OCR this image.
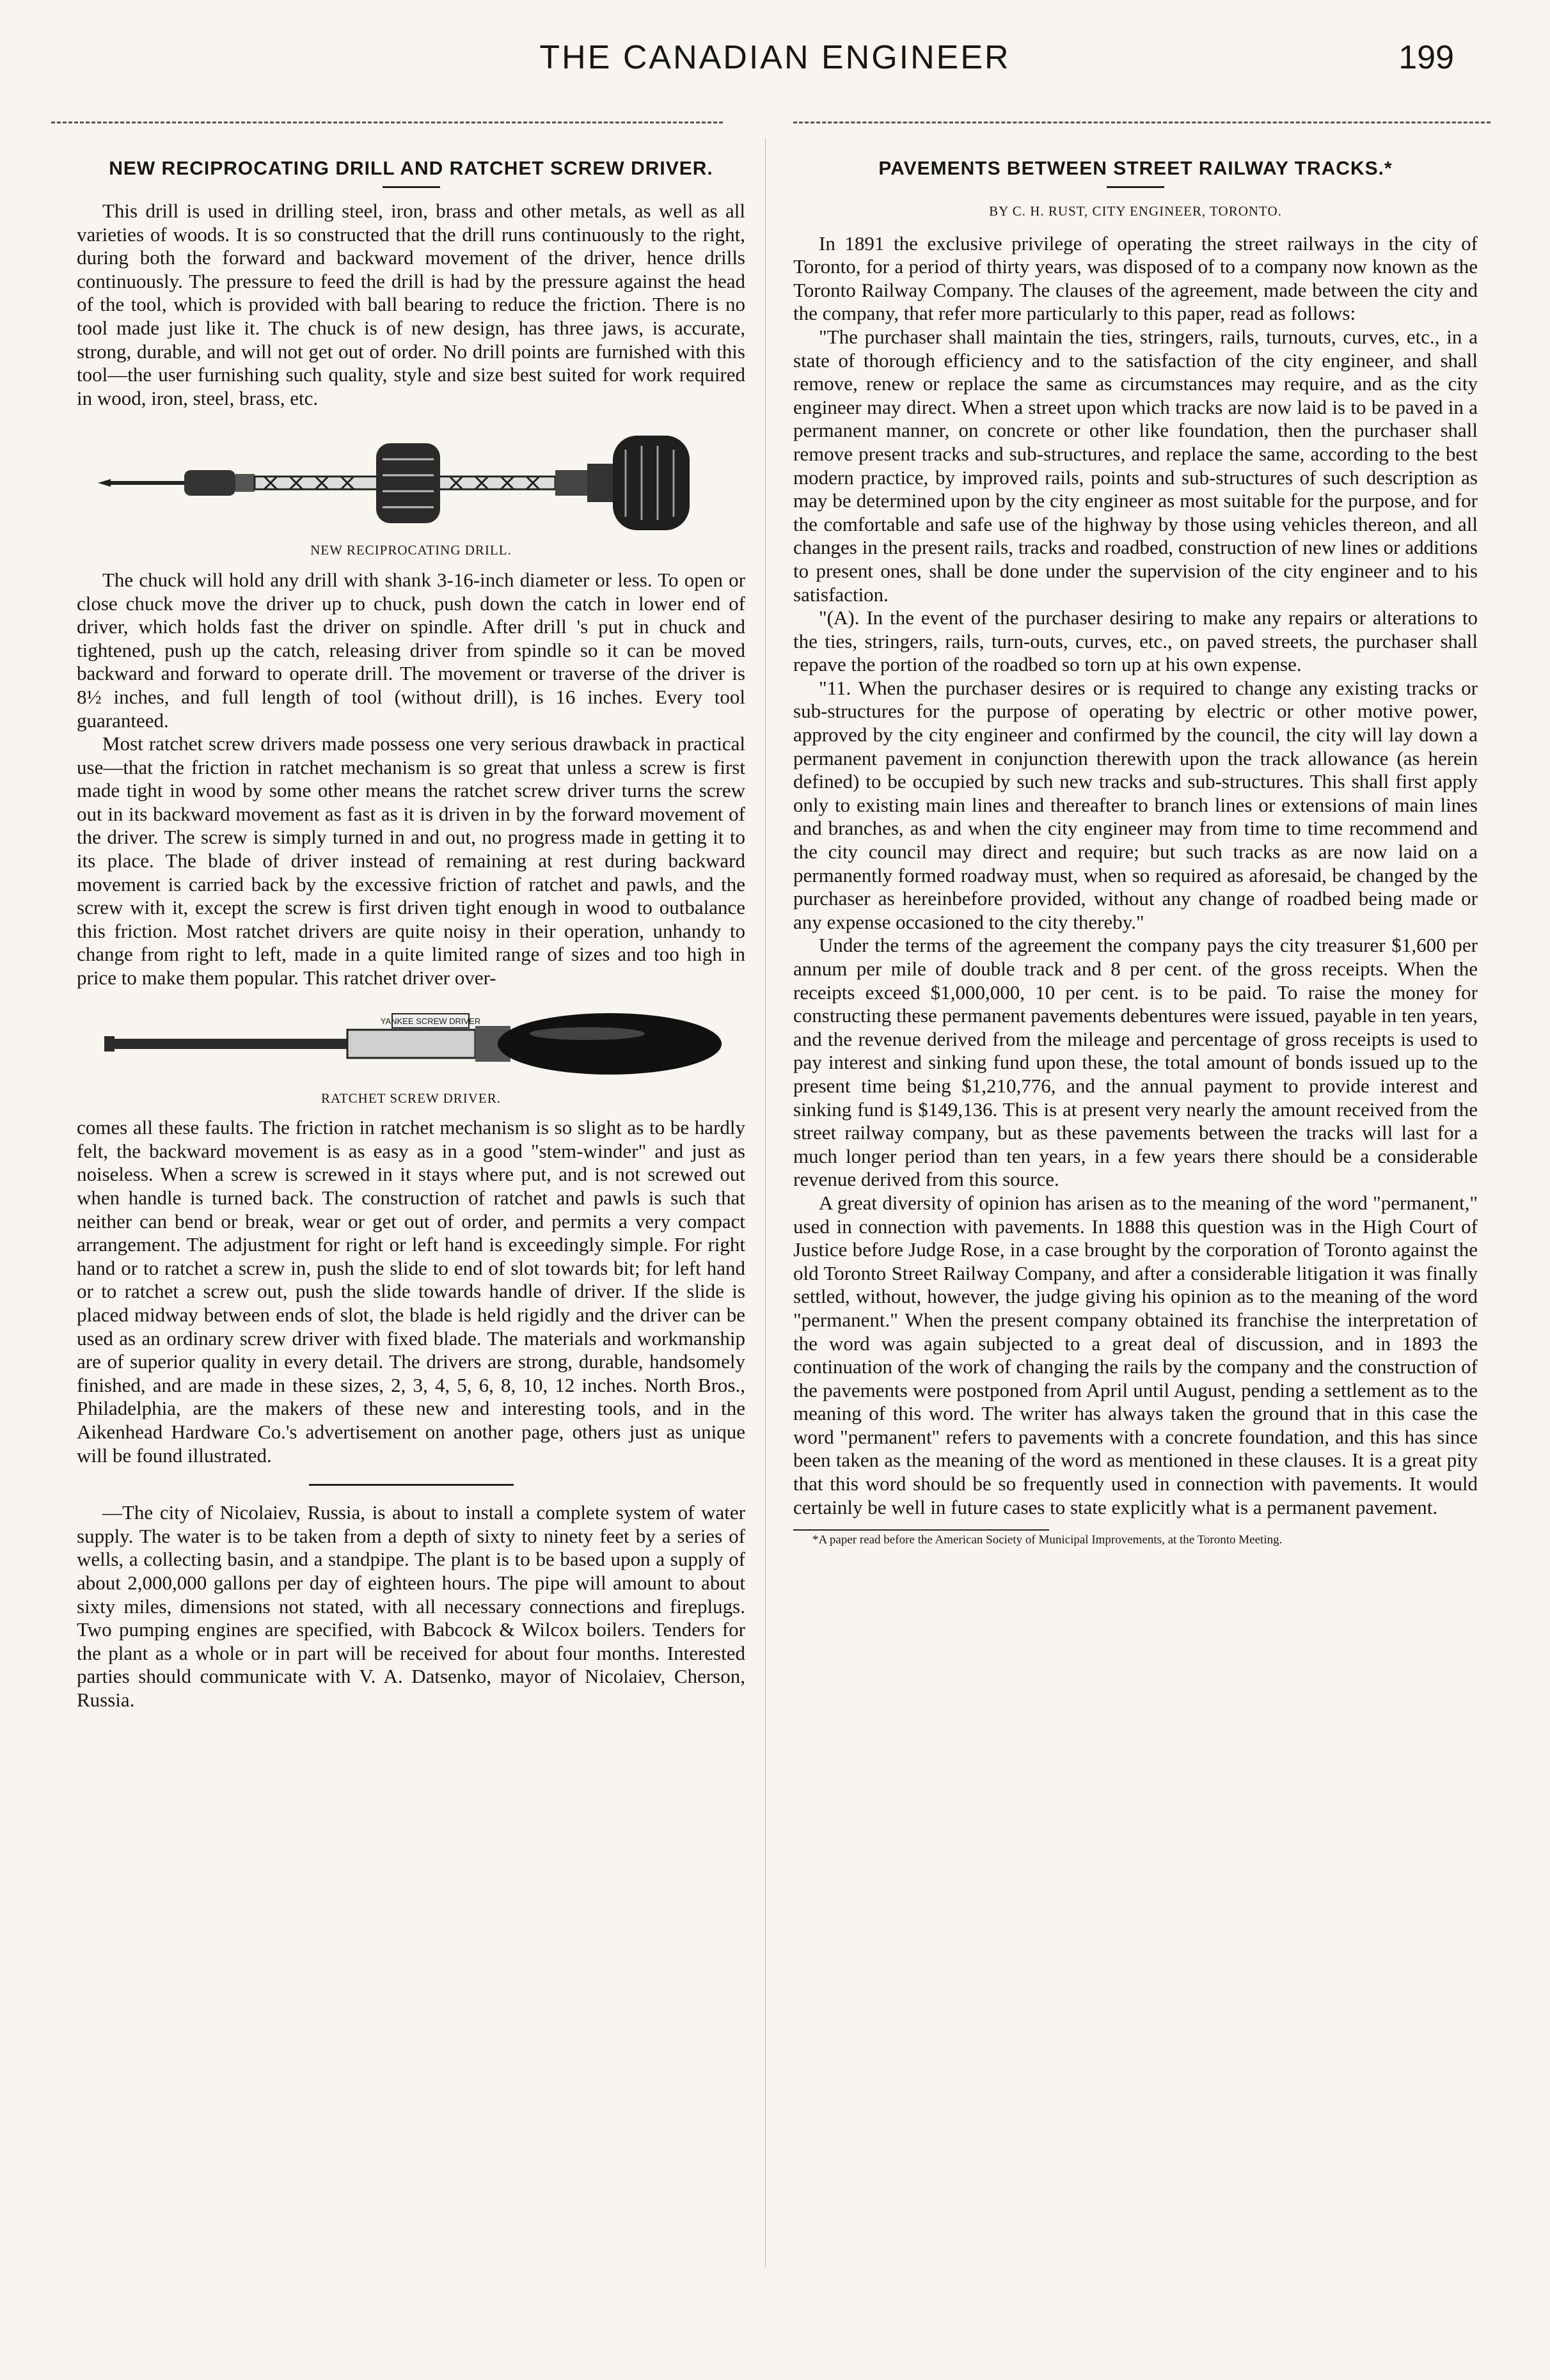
THE CANADIAN ENGINEER	199
NEW RECIPROCATING DRILL AND RATCHET SCREW DRIVER.

This drill is used in drilling steel, iron, brass and other metals, as well as all varieties of woods. It is so constructed that the drill runs continuously to the right, during both the forward and backward movement of the driver, hence drills continuously. The pressure to feed the drill is had by the pressure against the head of the tool, which is provided with ball bearing to reduce the friction. There is no tool made just like it. The chuck is of new design, has three jaws, is accurate, strong, durable, and will not get out of order. No drill points are furnished with this tool—the user furnishing such quality, style and size best suited for work required in wood, iron, steel, brass, etc.

NEW RECIPROCATING DRILL.

The chuck will hold any drill with shank 3-16-inch diameter or less. To open or close chuck move the driver up to chuck, push down the catch in lower end of driver, which holds fast the driver on spindle. After drill 's put in chuck and tightened, push up the catch, releasing driver from spindle so it can be moved backward and forward to operate drill. The movement or traverse of the driver is 8½ inches, and full length of tool (without drill), is 16 inches. Every tool guaranteed.

Most ratchet screw drivers made possess one very serious drawback in practical use—that the friction in ratchet mechanism is so great that unless a screw is first made tight in wood by some other means the ratchet screw driver turns the screw out in its backward movement as fast as it is driven in by the forward movement of the driver. The screw is simply turned in and out, no progress made in getting it to its place. The blade of driver instead of remaining at rest during backward movement is carried back by the excessive friction of ratchet and pawls, and the screw with it, except the screw is first driven tight enough in wood to outbalance this friction. Most ratchet drivers are quite noisy in their operation, unhandy to change from right to left, made in a quite limited range of sizes and too high in price to make them popular. This ratchet driver over-

YANKEE SCREW DRIVER
RATCHET SCREW DRIVER.

comes all these faults. The friction in ratchet mechanism is so slight as to be hardly felt, the backward movement is as easy as in a good "stem-winder" and just as noiseless. When a screw is screwed in it stays where put, and is not screwed out when handle is turned back. The construction of ratchet and pawls is such that neither can bend or break, wear or get out of order, and permits a very compact arrangement. The adjustment for right or left hand is exceedingly simple. For right hand or to ratchet a screw in, push the slide to end of slot towards bit; for left hand or to ratchet a screw out, push the slide towards handle of driver. If the slide is placed midway between ends of slot, the blade is held rigidly and the driver can be used as an ordinary screw driver with fixed blade. The materials and workmanship are of superior quality in every detail. The drivers are strong, durable, handsomely finished, and are made in these sizes, 2, 3, 4, 5, 6, 8, 10, 12 inches. North Bros., Philadelphia, are the makers of these new and interesting tools, and in the Aikenhead Hardware Co.'s advertisement on another page, others just as unique will be found illustrated.

—The city of Nicolaiev, Russia, is about to install a complete system of water supply. The water is to be taken from a depth of sixty to ninety feet by a series of wells, a collecting basin, and a standpipe. The plant is to be based upon a supply of about 2,000,000 gallons per day of eighteen hours. The pipe will amount to about sixty miles, dimensions not stated, with all necessary connections and fireplugs. Two pumping engines are specified, with Babcock & Wilcox boilers. Tenders for the plant as a whole or in part will be received for about four months. Interested parties should communicate with V. A. Datsenko, mayor of Nicolaiev, Cherson, Russia.

PAVEMENTS BETWEEN STREET RAILWAY TRACKS.*
BY C. H. RUST, CITY ENGINEER, TORONTO.

In 1891 the exclusive privilege of operating the street railways in the city of Toronto, for a period of thirty years, was disposed of to a company now known as the Toronto Railway Company. The clauses of the agreement, made between the city and the company, that refer more particularly to this paper, read as follows:

"The purchaser shall maintain the ties, stringers, rails, turnouts, curves, etc., in a state of thorough efficiency and to the satisfaction of the city engineer, and shall remove, renew or replace the same as circumstances may require, and as the city engineer may direct. When a street upon which tracks are now laid is to be paved in a permanent manner, on concrete or other like foundation, then the purchaser shall remove present tracks and sub-structures, and replace the same, according to the best modern practice, by improved rails, points and sub-structures of such description as may be determined upon by the city engineer as most suitable for the purpose, and for the comfortable and safe use of the highway by those using vehicles thereon, and all changes in the present rails, tracks and roadbed, construction of new lines or additions to present ones, shall be done under the supervision of the city engineer and to his satisfaction.

"(A). In the event of the purchaser desiring to make any repairs or alterations to the ties, stringers, rails, turn-outs, curves, etc., on paved streets, the purchaser shall repave the portion of the roadbed so torn up at his own expense.

"11. When the purchaser desires or is required to change any existing tracks or sub-structures for the purpose of operating by electric or other motive power, approved by the city engineer and confirmed by the council, the city will lay down a permanent pavement in conjunction therewith upon the track allowance (as herein defined) to be occupied by such new tracks and sub-structures. This shall first apply only to existing main lines and thereafter to branch lines or extensions of main lines and branches, as and when the city engineer may from time to time recommend and the city council may direct and require; but such tracks as are now laid on a permanently formed roadway must, when so required as aforesaid, be changed by the purchaser as hereinbefore provided, without any change of roadbed being made or any expense occasioned to the city thereby."

Under the terms of the agreement the company pays the city treasurer $1,600 per annum per mile of double track and 8 per cent. of the gross receipts. When the receipts exceed $1,000,000, 10 per cent. is to be paid. To raise the money for constructing these permanent pavements debentures were issued, payable in ten years, and the revenue derived from the mileage and percentage of gross receipts is used to pay interest and sinking fund upon these, the total amount of bonds issued up to the present time being $1,210,776, and the annual payment to provide interest and sinking fund is $149,136. This is at present very nearly the amount received from the street railway company, but as these pavements between the tracks will last for a much longer period than ten years, in a few years there should be a considerable revenue derived from this source.

A great diversity of opinion has arisen as to the meaning of the word "permanent," used in connection with pavements. In 1888 this question was in the High Court of Justice before Judge Rose, in a case brought by the corporation of Toronto against the old Toronto Street Railway Company, and after a considerable litigation it was finally settled, without, however, the judge giving his opinion as to the meaning of the word "permanent." When the present company obtained its franchise the interpretation of the word was again subjected to a great deal of discussion, and in 1893 the continuation of the work of changing the rails by the company and the construction of the pavements were postponed from April until August, pending a settlement as to the meaning of this word. The writer has always taken the ground that in this case the word "permanent" refers to pavements with a concrete foundation, and this has since been taken as the meaning of the word as mentioned in these clauses. It is a great pity that this word should be so frequently used in connection with pavements. It would certainly be well in future cases to state explicitly what is a permanent pavement.

*A paper read before the American Society of Municipal Improvements, at the Toronto Meeting.
